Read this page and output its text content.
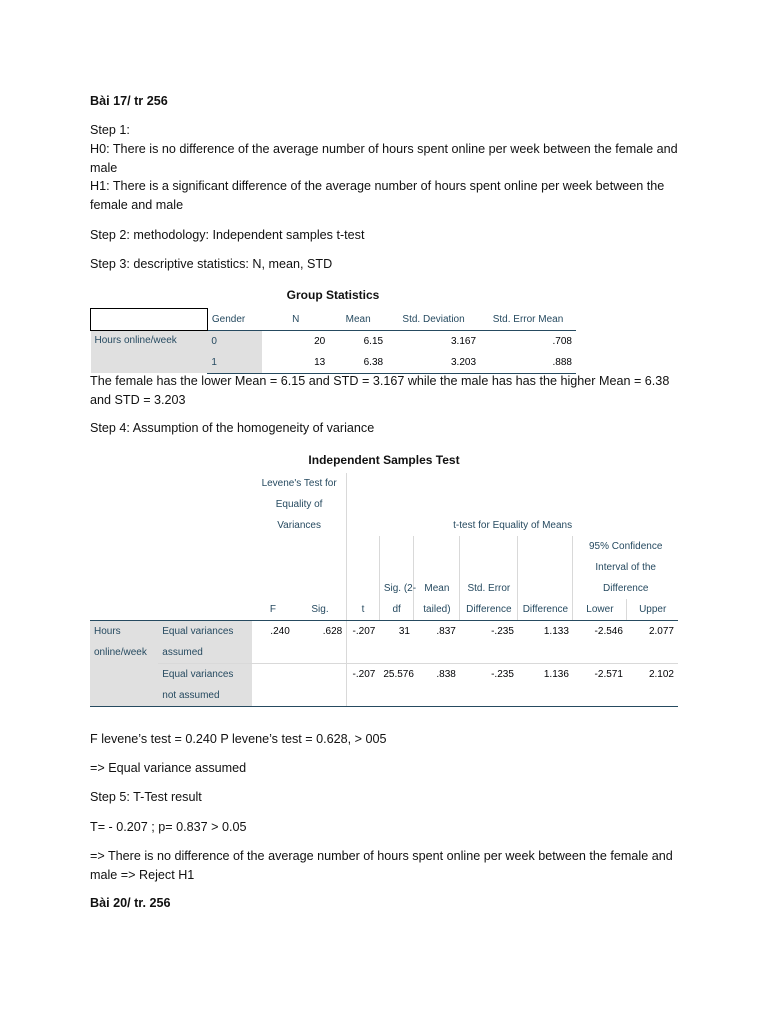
Bài 17/ tr 256

Step 1:

H0: There is no difference of the average number of hours spent online per week between the female and male

H1: There is a significant difference of the average number of hours spent online per week between the female and male

Step 2: methodology: Independent samples t-test

Step 3: descriptive statistics: N, mean, STD

Group Statistics
	Gender	N	Mean	Std. Deviation	Std. Error Mean
Hours online/week	0	20	6.15	3.167	.708
	1	13	6.38	3.203	.888

The female has the lower Mean = 6.15 and STD = 3.167 while the male has has the higher Mean = 6.38 and STD = 3.203

Step 4: Assumption of the homogeneity of variance

Independent Samples Test
		Levene's Test for
Equality of
Variances								

				t-test for Equality of Means						
									95% Confidence
Interval of the
Difference	

					Sig. (2-	Mean	Std. Error			
		F	Sig.	t	df	tailed)	Difference	Difference	Lower	Upper
Hours	Equal variances	.240	.628	-.207	31	.837	-.235	1.133	-2.546	2.077
online/week	assumed									
	Equal variances			-.207	25.576	.838	-.235	1.136	-2.571	2.102
	not assumed									

F levene’s test = 0.240 P levene’s test = 0.628, > 005

=> Equal variance assumed

Step 5: T-Test result

T= - 0.207 ; p= 0.837 > 0.05

=> There is no difference of the average number of hours spent online per week between the female and male => Reject H1

Bài 20/ tr. 256
